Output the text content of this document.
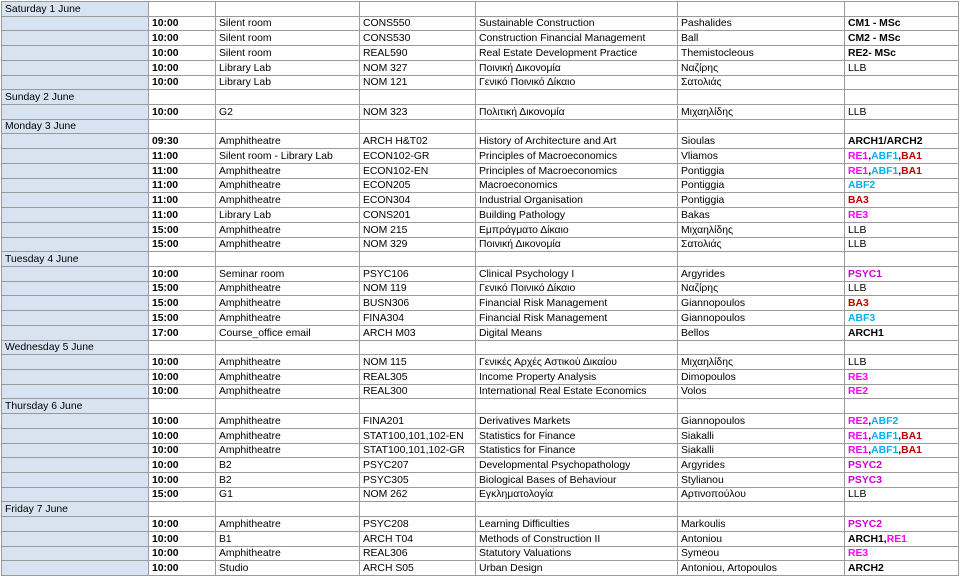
Saturday 1 June						
	10:00	Silent room	CONS550	Sustainable Construction	Pashalides	CM1 - MSc
	10:00	Silent room	CONS530	Construction Financial Management	Ball	CM2 - MSc
	10:00	Silent room	REAL590	Real Estate Development Practice	Themistocleous	RE2- MSc
	10:00	Library Lab	NOM 327	Ποινική Δικονομία	Ναζίρης	LLB
	10:00	Library Lab	NOM 121	Γενικό Ποινικό Δίκαιο	Σατολιάς	
Sunday 2 June						
	10:00	G2	NOM 323	Πολιτική Δικονομία	Μιχαηλίδης	LLB
Monday 3 June						
	09:30	Amphitheatre	ARCH H&T02	History of Architecture and Art	Sioulas	ARCH1/ARCH2
	11:00	Silent room - Library Lab	ECON102-GR	Principles of Macroeconomics	Vliamos	RE1,ABF1,BA1
	11:00	Amphitheatre	ECON102-EN	Principles of Macroeconomics	Pontiggia	RE1,ABF1,BA1
	11:00	Amphitheatre	ECON205	Macroeconomics	Pontiggia	ABF2
	11:00	Amphitheatre	ECON304	Industrial Organisation	Pontiggia	BA3
	11:00	Library Lab	CONS201	Building Pathology	Bakas	RE3
	15:00	Amphitheatre	NOM 215	Εμπράγματο Δίκαιο	Μιχαηλίδης	LLB
	15:00	Amphitheatre	NOM 329	Ποινική Δικονομία	Σατολιάς	LLB
Tuesday 4 June						
	10:00	Seminar room	PSYC106	Clinical Psychology I	Argyrides	PSYC1
	15:00	Amphitheatre	NOM 119	Γενικό Ποινικό Δίκαιο	Ναζίρης	LLB
	15:00	Amphitheatre	BUSN306	Financial Risk Management	Giannopoulos	BA3
	15:00	Amphitheatre	FINA304	Financial Risk Management	Giannopoulos	ABF3
	17:00	Course_office email	ARCH M03	Digital Means	Bellos	ARCH1
Wednesday 5 June						
	10:00	Amphitheatre	NOM 115	Γενικές Αρχές Αστικού Δικαίου	Μιχαηλίδης	LLB
	10:00	Amphitheatre	REAL305	Income Property Analysis	Dimopoulos	RE3
	10:00	Amphitheatre	REAL300	International Real Estate Economics	Volos	RE2
Thursday 6 June						
	10:00	Amphitheatre	FINA201	Derivatives Markets	Giannopoulos	RE2,ABF2
	10:00	Amphitheatre	STAT100,101,102-EN	Statistics for Finance	Siakalli	RE1,ABF1,BA1
	10:00	Amphitheatre	STAT100,101,102-GR	Statistics for Finance	Siakalli	RE1,ABF1,BA1
	10:00	B2	PSYC207	Developmental Psychopathology	Argyrides	PSYC2
	10:00	B2	PSYC305	Biological Bases of Behaviour	Stylianou	PSYC3
	15:00	G1	NOM 262	Εγκληματολογία	Αρτινοπούλου	LLB
Friday 7 June						
	10:00	Amphitheatre	PSYC208	Learning Difficulties	Markoulis	PSYC2
	10:00	B1	ARCH T04	Methods of Construction II	Antoniou	ARCH1,RE1
	10:00	Amphitheatre	REAL306	Statutory Valuations	Symeou	RE3
	10:00	Studio	ARCH S05	Urban Design	Antoniou, Artopoulos	ARCH2
